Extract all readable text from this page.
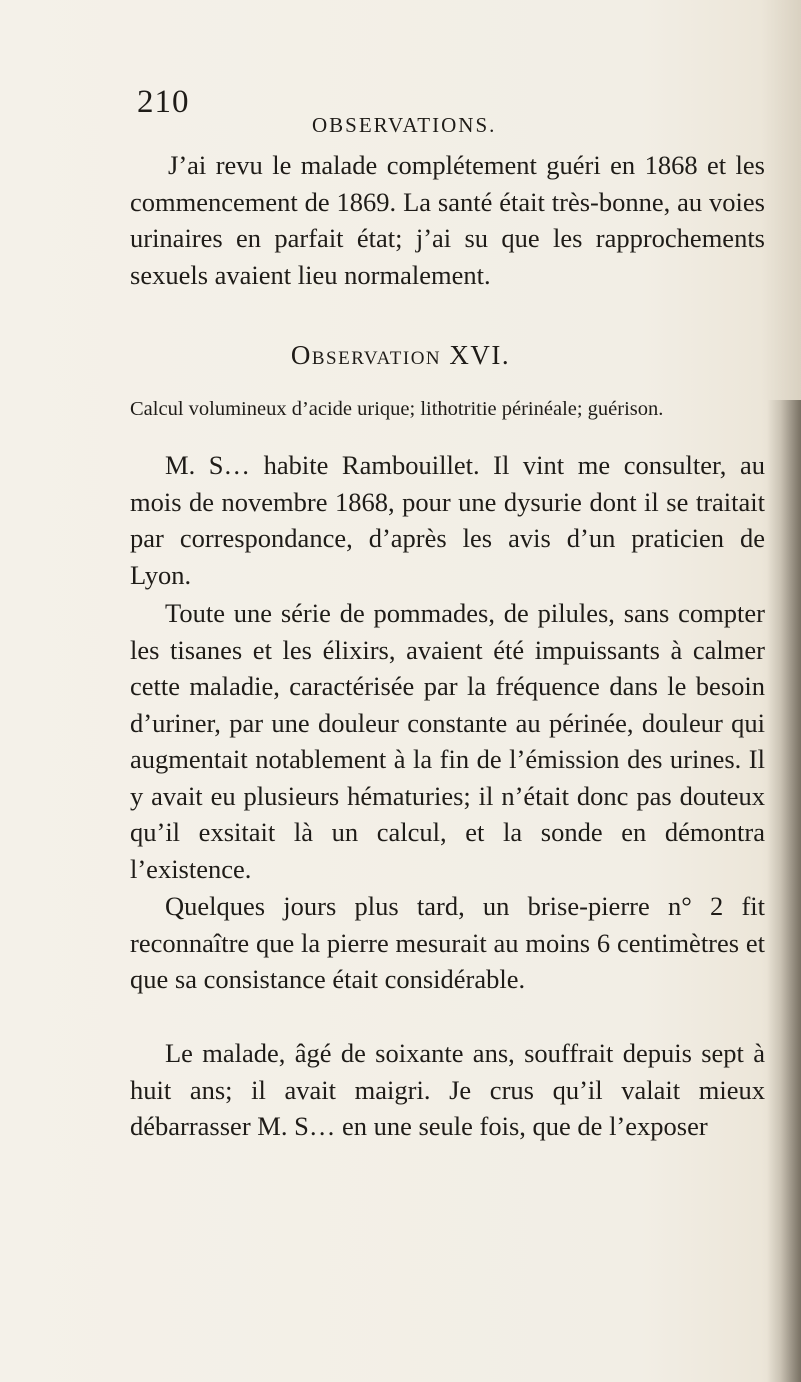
210
OBSERVATIONS.

J’ai revu le malade complétement guéri en 1868 et les commencement de 1869. La santé était très-bonne, au voies urinaires en parfait état; j’ai su que les rapprochements sexuels avaient lieu normalement.

Observation XVI.
Calcul volumineux d’acide urique; lithotritie périnéale; guérison.

M. S… habite Rambouillet. Il vint me consulter, au mois de novembre 1868, pour une dysurie dont il se traitait par correspondance, d’après les avis d’un praticien de Lyon.

Toute une série de pommades, de pilules, sans compter les tisanes et les élixirs, avaient été impuissants à calmer cette maladie, caractérisée par la fréquence dans le besoin d’uriner, par une douleur constante au périnée, douleur qui augmentait notablement à la fin de l’émission des urines. Il y avait eu plusieurs hématuries; il n’était donc pas douteux qu’il exsitait là un calcul, et la sonde en démontra l’existence.

Quelques jours plus tard, un brise-pierre n° 2 fit reconnaître que la pierre mesurait au moins 6 centimètres et que sa consistance était considérable.

Le malade, âgé de soixante ans, souffrait depuis sept à huit ans; il avait maigri. Je crus qu’il valait mieux débarrasser M. S… en une seule fois, que de l’exposer
